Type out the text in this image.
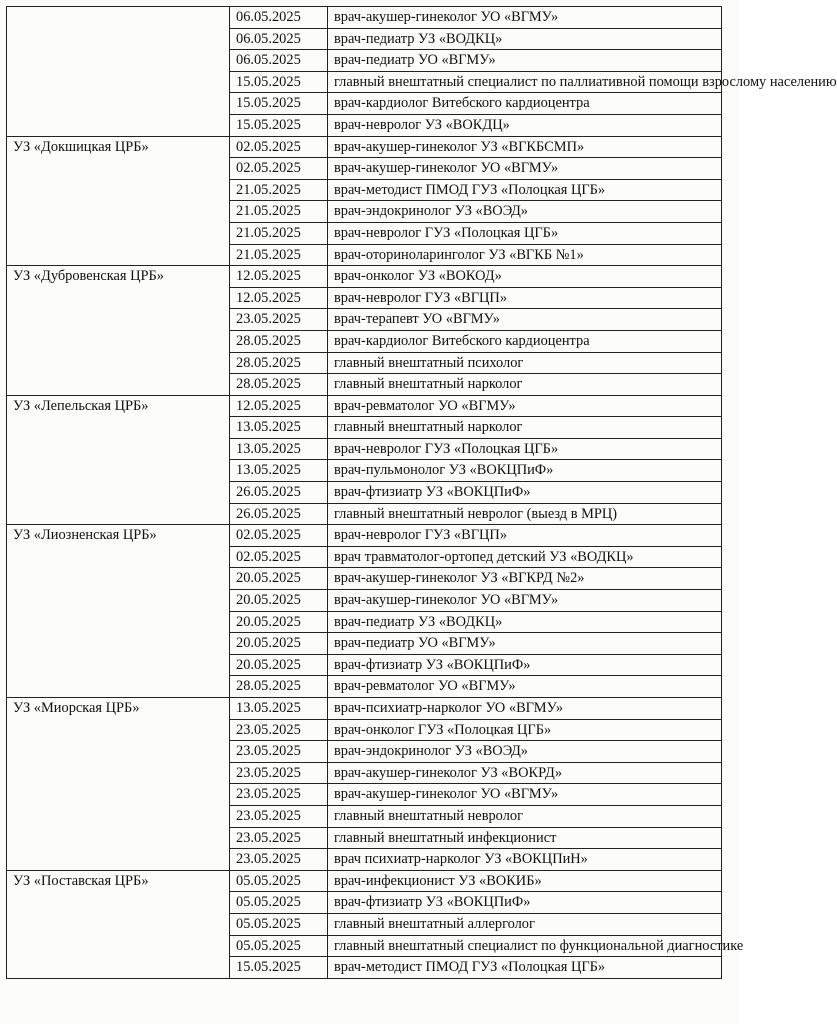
	06.05.2025	врач-акушер-гинеколог УО «ВГМУ»
	06.05.2025	врач-педиатр УЗ «ВОДКЦ»
	06.05.2025	врач-педиатр УО «ВГМУ»
	15.05.2025	главный внештатный специалист по паллиативной помощи взрослому населению
	15.05.2025	врач-кардиолог Витебского кардиоцентра
	15.05.2025	врач-невролог УЗ «ВОКДЦ»
УЗ «Докшицкая ЦРБ»	02.05.2025	врач-акушер-гинеколог УЗ «ВГКБСМП»
	02.05.2025	врач-акушер-гинеколог УО «ВГМУ»
	21.05.2025	врач-методист ПМОД ГУЗ «Полоцкая ЦГБ»
	21.05.2025	врач-эндокринолог УЗ «ВОЭД»
	21.05.2025	врач-невролог ГУЗ «Полоцкая ЦГБ»
	21.05.2025	врач-оториноларинголог УЗ «ВГКБ №1»
УЗ «Дубровенская ЦРБ»	12.05.2025	врач-онколог УЗ «ВОКОД»
	12.05.2025	врач-невролог ГУЗ «ВГЦП»
	23.05.2025	врач-терапевт УО «ВГМУ»
	28.05.2025	врач-кардиолог Витебского кардиоцентра
	28.05.2025	главный внештатный психолог
	28.05.2025	главный внештатный нарколог
УЗ «Лепельская ЦРБ»	12.05.2025	врач-ревматолог УО «ВГМУ»
	13.05.2025	главный внештатный нарколог
	13.05.2025	врач-невролог ГУЗ «Полоцкая ЦГБ»
	13.05.2025	врач-пульмонолог УЗ «ВОКЦПиФ»
	26.05.2025	врач-фтизиатр УЗ «ВОКЦПиФ»
	26.05.2025	главный внештатный невролог (выезд в МРЦ)
УЗ «Лиозненская ЦРБ»	02.05.2025	врач-невролог ГУЗ «ВГЦП»
	02.05.2025	врач травматолог-ортопед детский УЗ «ВОДКЦ»
	20.05.2025	врач-акушер-гинеколог УЗ «ВГКРД №2»
	20.05.2025	врач-акушер-гинеколог УО «ВГМУ»
	20.05.2025	врач-педиатр УЗ «ВОДКЦ»
	20.05.2025	врач-педиатр УО «ВГМУ»
	20.05.2025	врач-фтизиатр УЗ «ВОКЦПиФ»
	28.05.2025	врач-ревматолог УО «ВГМУ»
УЗ «Миорская ЦРБ»	13.05.2025	врач-психиатр-нарколог УО «ВГМУ»
	23.05.2025	врач-онколог ГУЗ «Полоцкая ЦГБ»
	23.05.2025	врач-эндокринолог УЗ «ВОЭД»
	23.05.2025	врач-акушер-гинеколог УЗ «ВОКРД»
	23.05.2025	врач-акушер-гинеколог УО «ВГМУ»
	23.05.2025	главный внештатный невролог
	23.05.2025	главный внештатный инфекционист
	23.05.2025	врач психиатр-нарколог УЗ «ВОКЦПиН»
УЗ «Поставская ЦРБ»	05.05.2025	врач-инфекционист УЗ «ВОКИБ»
	05.05.2025	врач-фтизиатр УЗ «ВОКЦПиФ»
	05.05.2025	главный внештатный аллерголог
	05.05.2025	главный внештатный специалист по функциональной диагностике
	15.05.2025	врач-методист ПМОД ГУЗ «Полоцкая ЦГБ»
